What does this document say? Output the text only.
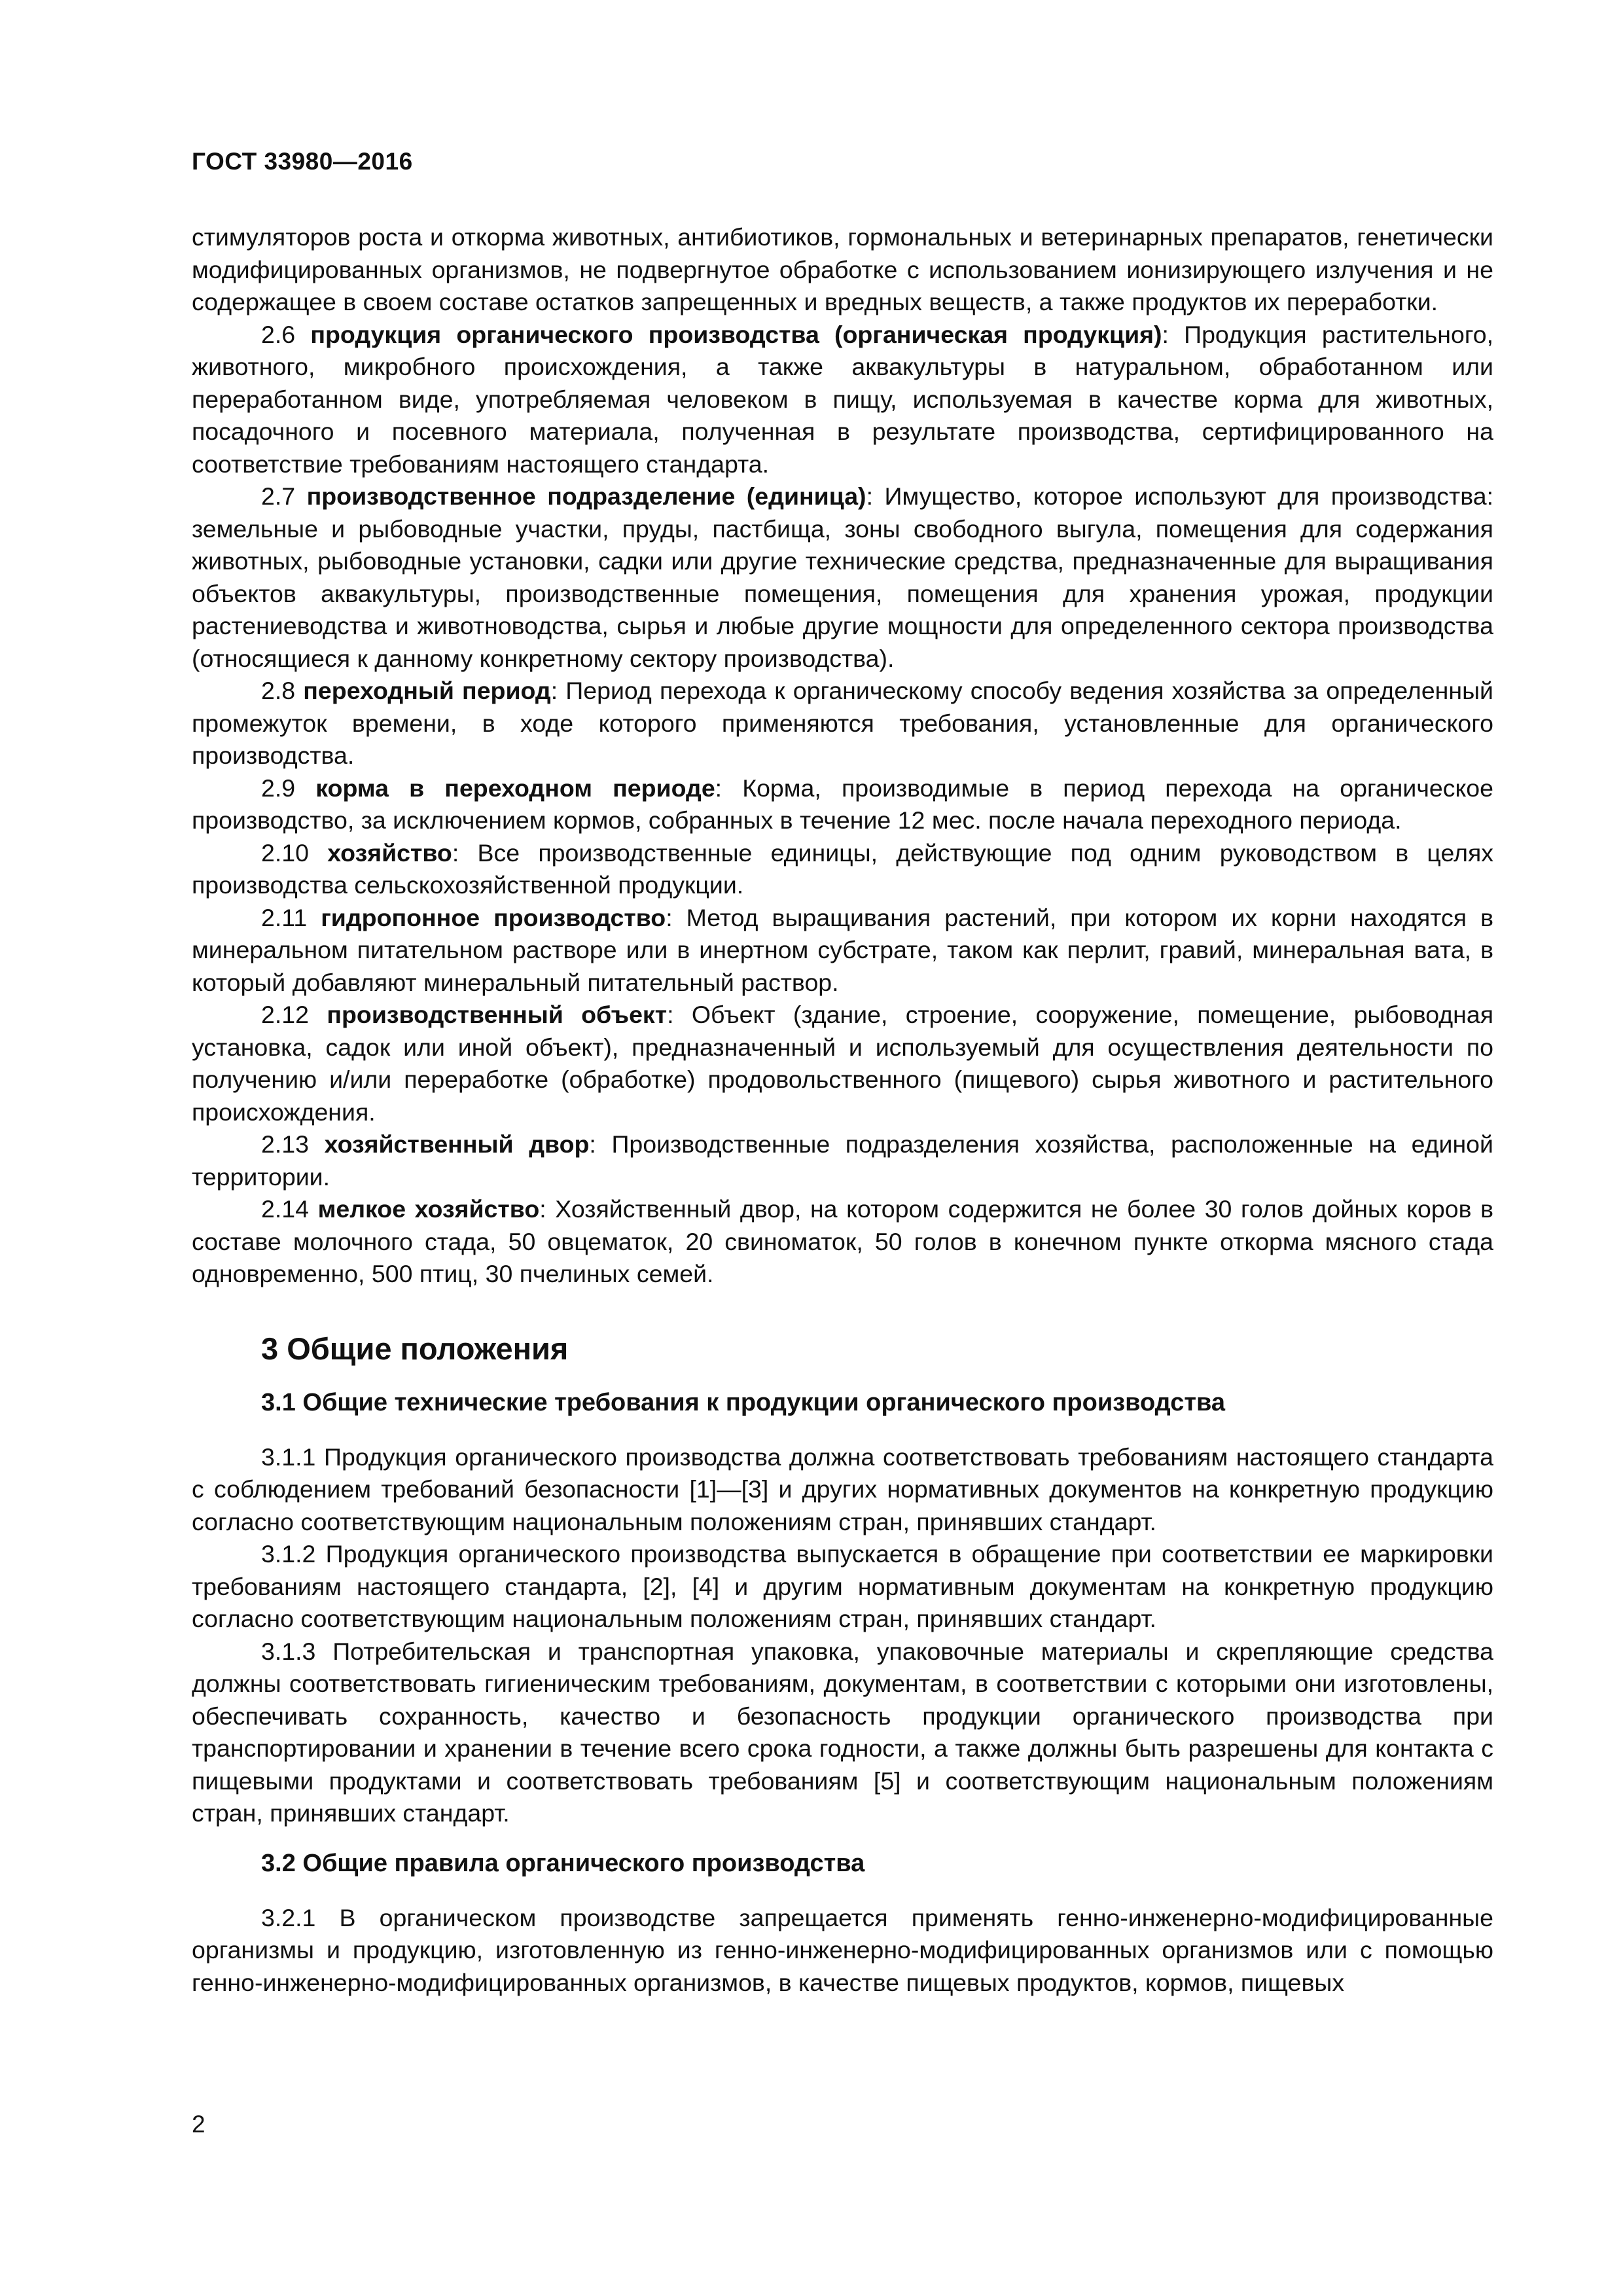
ГОСТ 33980—2016

стимуляторов роста и откорма животных, антибиотиков, гормональных и ветеринарных препаратов, генетически модифицированных организмов, не подвергнутое обработке с использованием ионизирующего излучения и не содержащее в своем составе остатков запрещенных и вредных веществ, а также продуктов их переработки.

2.6 продукция органического производства (органическая продукция): Продукция растительного, животного, микробного происхождения, а также аквакультуры в натуральном, обработанном или переработанном виде, употребляемая человеком в пищу, используемая в качестве корма для животных, посадочного и посевного материала, полученная в результате производства, сертифицированного на соответствие требованиям настоящего стандарта.

2.7 производственное подразделение (единица): Имущество, которое используют для производства: земельные и рыбоводные участки, пруды, пастбища, зоны свободного выгула, помещения для содержания животных, рыбоводные установки, садки или другие технические средства, предназначенные для выращивания объектов аквакультуры, производственные помещения, помещения для хранения урожая, продукции растениеводства и животноводства, сырья и любые другие мощности для определенного сектора производства (относящиеся к данному конкретному сектору производства).

2.8 переходный период: Период перехода к органическому способу ведения хозяйства за определенный промежуток времени, в ходе которого применяются требования, установленные для органического производства.

2.9 корма в переходном периоде: Корма, производимые в период перехода на органическое производство, за исключением кормов, собранных в течение 12 мес. после начала переходного периода.

2.10 хозяйство: Все производственные единицы, действующие под одним руководством в целях производства сельскохозяйственной продукции.

2.11 гидропонное производство: Метод выращивания растений, при котором их корни находятся в минеральном питательном растворе или в инертном субстрате, таком как перлит, гравий, минеральная вата, в который добавляют минеральный питательный раствор.

2.12 производственный объект: Объект (здание, строение, сооружение, помещение, рыбоводная установка, садок или иной объект), предназначенный и используемый для осуществления деятельности по получению и/или переработке (обработке) продовольственного (пищевого) сырья животного и растительного происхождения.

2.13 хозяйственный двор: Производственные подразделения хозяйства, расположенные на единой территории.

2.14 мелкое хозяйство: Хозяйственный двор, на котором содержится не более 30 голов дойных коров в составе молочного стада, 50 овцематок, 20 свиноматок, 50 голов в конечном пункте откорма мясного стада одновременно, 500 птиц, 30 пчелиных семей.

3 Общие положения
3.1 Общие технические требования к продукции органического производства

3.1.1 Продукция органического производства должна соответствовать требованиям настоящего стандарта с соблюдением требований безопасности [1]—[3] и других нормативных документов на конкретную продукцию согласно соответствующим национальным положениям стран, принявших стандарт.

3.1.2 Продукция органического производства выпускается в обращение при соответствии ее маркировки требованиям настоящего стандарта, [2], [4] и другим нормативным документам на конкретную продукцию согласно соответствующим национальным положениям стран, принявших стандарт.

3.1.3 Потребительская и транспортная упаковка, упаковочные материалы и скрепляющие средства должны соответствовать гигиеническим требованиям, документам, в соответствии с которыми они изготовлены, обеспечивать сохранность, качество и безопасность продукции органического производства при транспортировании и хранении в течение всего срока годности, а также должны быть разрешены для контакта с пищевыми продуктами и соответствовать требованиям [5] и соответствующим национальным положениям стран, принявших стандарт.

3.2 Общие правила органического производства

3.2.1 В органическом производстве запрещается применять генно-инженерно-модифицированные организмы и продукцию, изготовленную из генно-инженерно-модифицированных организмов или с помощью генно-инженерно-модифицированных организмов, в качестве пищевых продуктов, кормов, пищевых

2
